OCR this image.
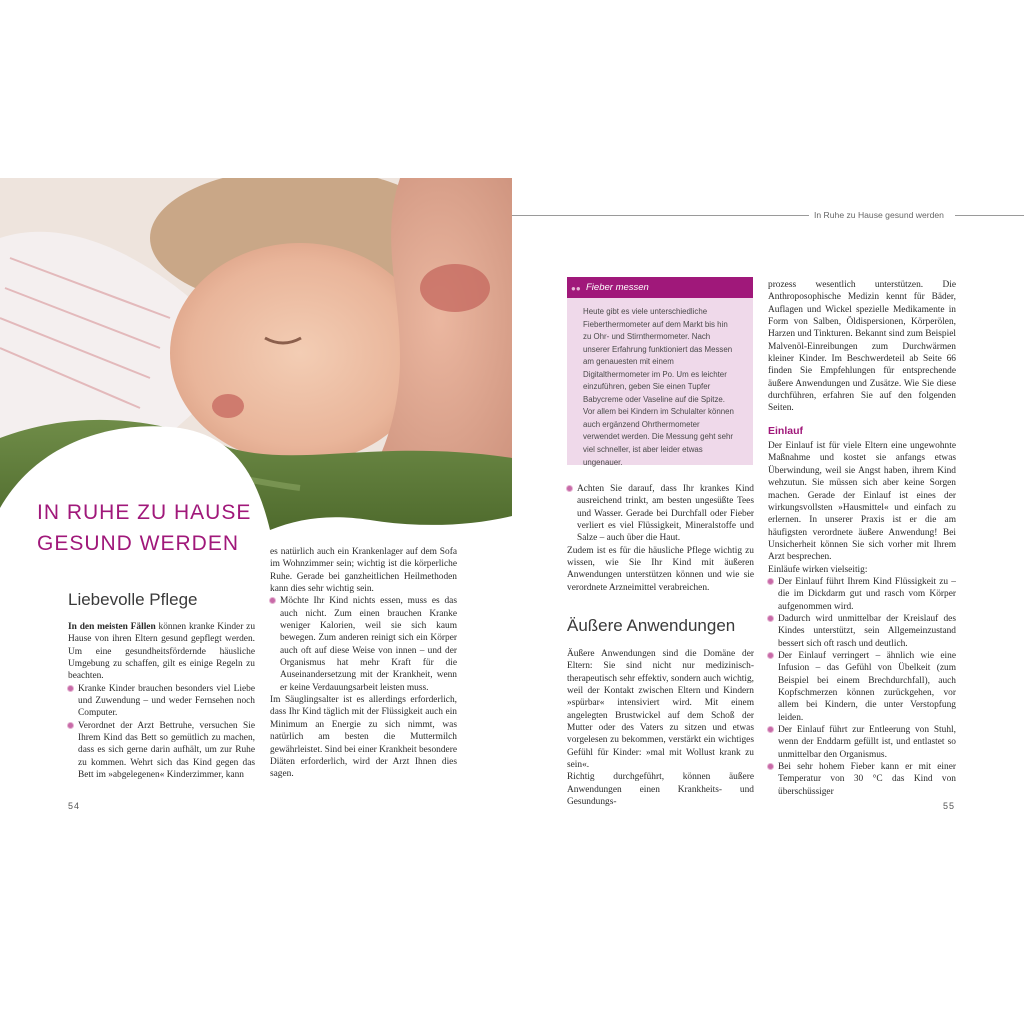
IN RUHE ZU HAUSE
GESUND WERDEN
Liebevolle Pflege

In den meisten Fällen können kranke Kinder zu Hause von ihren Eltern gesund gepflegt werden. Um eine gesundheitsfördernde häusliche Umgebung zu schaffen, gilt es einige Regeln zu beachten.

Kranke Kinder brauchen besonders viel Liebe und Zuwendung – und weder Fernsehen noch Computer.

Verordnet der Arzt Bettruhe, versuchen Sie Ihrem Kind das Bett so gemütlich zu machen, dass es sich gerne darin aufhält, um zur Ruhe zu kommen. Wehrt sich das Kind gegen das Bett im »abgelegenen« Kinderzimmer, kann

es natürlich auch ein Krankenlager auf dem Sofa im Wohnzimmer sein; wichtig ist die körperliche Ruhe. Gerade bei ganzheitlichen Heilmethoden kann dies sehr wichtig sein.

Möchte Ihr Kind nichts essen, muss es das auch nicht. Zum einen brauchen Kranke weniger Kalorien, weil sie sich kaum bewegen. Zum anderen reinigt sich ein Körper auch oft auf diese Weise von innen – und der Organismus hat mehr Kraft für die Auseinandersetzung mit der Krankheit, wenn er keine Verdauungsarbeit leisten muss.

Im Säuglingsalter ist es allerdings erforderlich, dass Ihr Kind täglich mit der Flüssigkeit auch ein Minimum an Energie zu sich nimmt, was natürlich am besten die Muttermilch gewährleistet. Sind bei einer Krankheit besondere Diäten erforderlich, wird der Arzt Ihnen dies sagen.

54
In Ruhe zu Hause gesund werden
●● Fieber messen
Heute gibt es viele unterschiedliche Fieberthermometer auf dem Markt bis hin zu Ohr- und Stirnthermometer. Nach unserer Erfahrung funktioniert das Messen am genauesten mit einem Digitalthermometer im Po. Um es leichter einzuführen, geben Sie einen Tupfer Babycreme oder Vaseline auf die Spitze. Vor allem bei Kindern im Schulalter können auch ergänzend Ohrthermometer verwendet werden. Die Messung geht sehr viel schneller, ist aber leider etwas ungenauer.

Achten Sie darauf, dass Ihr krankes Kind ausreichend trinkt, am besten ungesüßte Tees und Wasser. Gerade bei Durchfall oder Fieber verliert es viel Flüssigkeit, Mineralstoffe und Salze – auch über die Haut.

Zudem ist es für die häusliche Pflege wichtig zu wissen, wie Sie Ihr Kind mit äußeren Anwendungen unterstützen können und wie sie verordnete Arzneimittel verabreichen.

Äußere Anwendungen

Äußere Anwendungen sind die Domäne der Eltern: Sie sind nicht nur medizinisch-therapeutisch sehr effektiv, sondern auch wichtig, weil der Kontakt zwischen Eltern und Kindern »spürbar« intensiviert wird. Mit einem angelegten Brustwickel auf dem Schoß der Mutter oder des Vaters zu sitzen und etwas vorgelesen zu bekommen, verstärkt ein wichtiges Gefühl für Kinder: »mal mit Wollust krank zu sein«.

Richtig durchgeführt, können äußere Anwendungen einen Krankheits- und Gesundungs-

prozess wesentlich unterstützen. Die Anthroposophische Medizin kennt für Bäder, Auflagen und Wickel spezielle Medikamente in Form von Salben, Öldispersionen, Körperölen, Harzen und Tinkturen. Bekannt sind zum Beispiel Malvenöl-Einreibungen zum Durchwärmen kleiner Kinder. Im Beschwerdeteil ab Seite 66 finden Sie Empfehlungen für entsprechende äußere Anwendungen und Zusätze. Wie Sie diese durchführen, erfahren Sie auf den folgenden Seiten.

Einlauf

Der Einlauf ist für viele Eltern eine ungewohnte Maßnahme und kostet sie anfangs etwas Überwindung, weil sie Angst haben, ihrem Kind wehzutun. Sie müssen sich aber keine Sorgen machen. Gerade der Einlauf ist eines der wirkungsvollsten »Hausmittel« und einfach zu erlernen. In unserer Praxis ist er die am häufigsten verordnete äußere Anwendung! Bei Unsicherheit können Sie sich vorher mit Ihrem Arzt besprechen.

Einläufe wirken vielseitig:

Der Einlauf führt Ihrem Kind Flüssigkeit zu – die im Dickdarm gut und rasch vom Körper aufgenommen wird.

Dadurch wird unmittelbar der Kreislauf des Kindes unterstützt, sein Allgemeinzustand bessert sich oft rasch und deutlich.

Der Einlauf verringert – ähnlich wie eine Infusion – das Gefühl von Übelkeit (zum Beispiel bei einem Brechdurchfall), auch Kopfschmerzen können zurückgehen, vor allem bei Kindern, die unter Verstopfung leiden.

Der Einlauf führt zur Entleerung von Stuhl, wenn der Enddarm gefüllt ist, und entlastet so unmittelbar den Organismus.

Bei sehr hohem Fieber kann er mit einer Temperatur von 30 °C das Kind von überschüssiger

55
